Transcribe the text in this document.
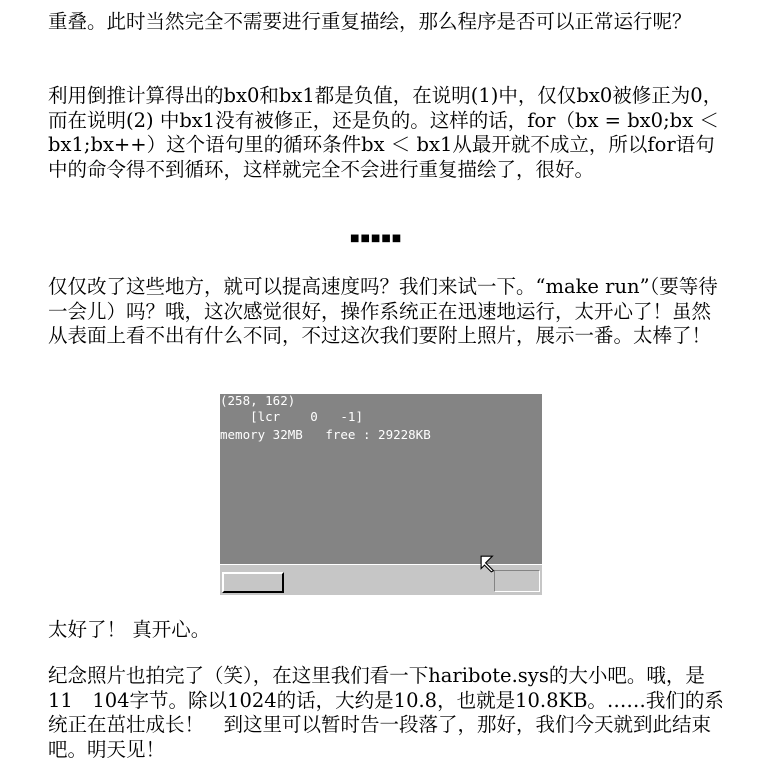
重叠。此时当然完全不需要进行重复描绘，那么程序是否可以正常运行呢？

利用倒推计算得出的bx0和bx1都是负值，在说明(1)中，仅仅bx0被修正为0，而在说明(2) 中bx1没有被修正，还是负的。这样的话，for（bx = bx0;bx ＜ bx1;bx++）这个语句里的循环条件bx ＜ bx1从最开就不成立，所以for语句中的命令得不到循环，这样就完全不会进行重复描绘了，很好。

■■■■■

仅仅改了这些地方，就可以提高速度吗？我们来试一下。“make run”（要等待一会儿）吗？哦，这次感觉很好，操作系统正在迅速地运行，太开心了！虽然从表面上看不出有什么不同，不过这次我们要附上照片，展示一番。太棒了！

(258, 162)
[lcr    0   -1]
memory 32MB   free : 29228KB

太好了！ 真开心。

纪念照片也拍完了（笑），在这里我们看一下haribote.sys的大小吧。哦，是11　104字节。除以1024的话，大约是10.8，也就是10.8KB。……我们的系统正在茁壮成长！　到这里可以暂时告一段落了，那好，我们今天就到此结束吧。明天见！
